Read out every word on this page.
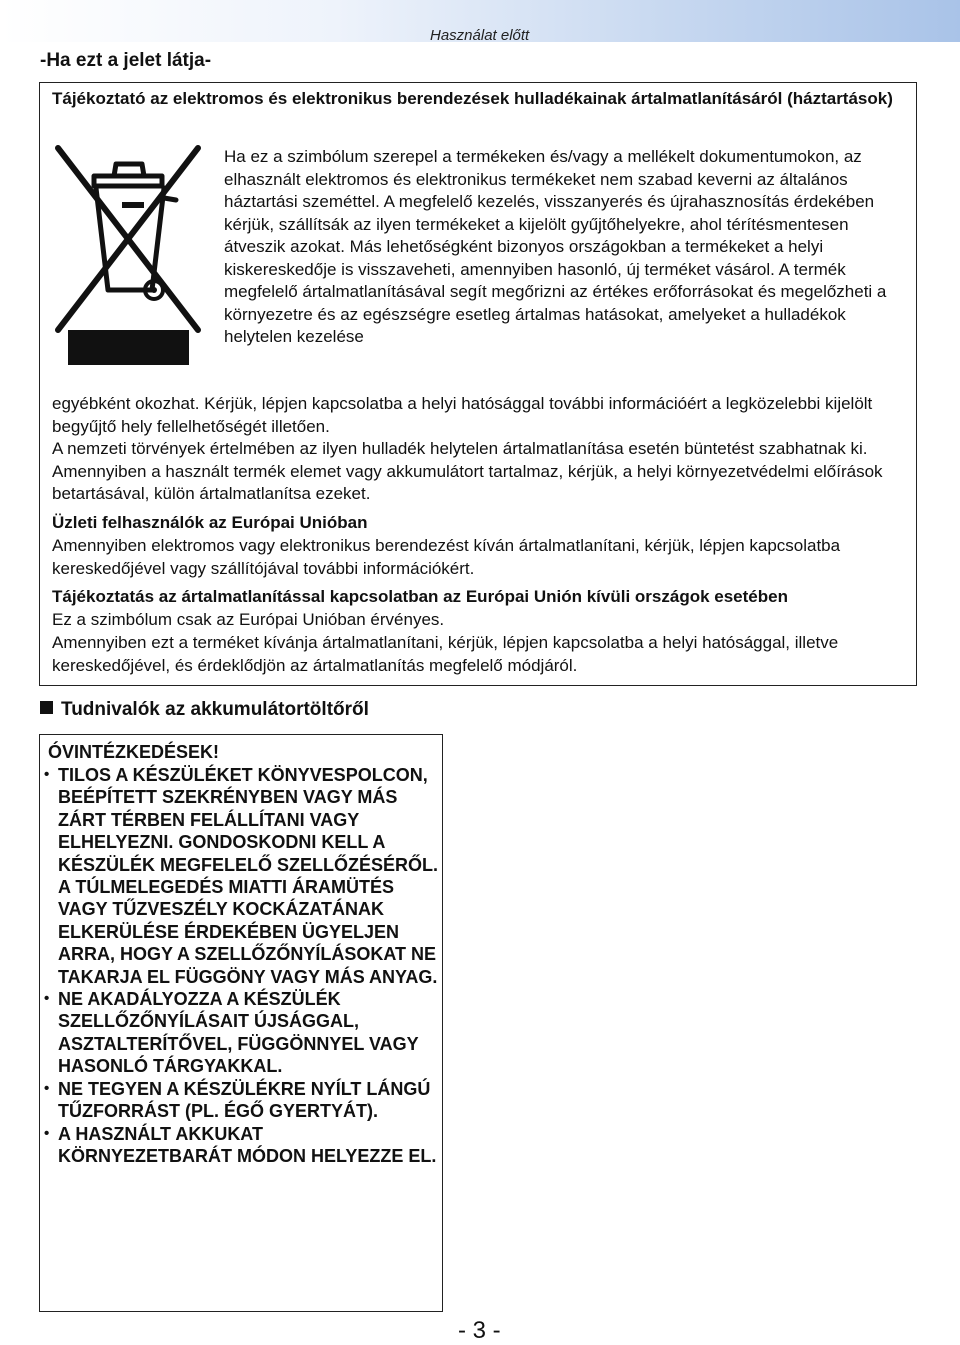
Használat előtt
-Ha ezt a jelet látja-
Tájékoztató az elektromos és elektronikus berendezések hulladékainak ártalmatlanításáról (háztartások)
Ha ez a szimbólum szerepel a termékeken és/vagy a mellékelt dokumentumokon, az elhasznált elektromos és elektronikus termékeket nem szabad keverni az általános háztartási szeméttel. A megfelelő kezelés, visszanyerés és újrahasznosítás érdekében kérjük, szállítsák az ilyen termékeket a kijelölt gyűjtőhelyekre, ahol térítésmentesen átveszik azokat. Más lehetőségként bizonyos országokban a termékeket a helyi kiskereskedője is visszaveheti, amennyiben hasonló, új terméket vásárol. A termék megfelelő ártalmatlanításával segít megőrizni az értékes erőforrásokat és megelőzheti a környezetre és az egészségre esetleg ártalmas hatásokat, amelyeket a hulladékok helytelen kezelése
egyébként okozhat. Kérjük, lépjen kapcsolatba a helyi hatósággal további információért a legközelebbi kijelölt begyűjtő hely fellelhetőségét illetően.
A nemzeti törvények értelmében az ilyen hulladék helytelen ártalmatlanítása esetén büntetést szabhatnak ki. Amennyiben a használt termék elemet vagy akkumulátort tartalmaz, kérjük, a helyi környezetvédelmi előírások betartásával, külön ártalmatlanítsa ezeket.
Üzleti felhasználók az Európai Unióban
Amennyiben elektromos vagy elektronikus berendezést kíván ártalmatlanítani, kérjük, lépjen kapcsolatba kereskedőjével vagy szállítójával további információkért.
Tájékoztatás az ártalmatlanítással kapcsolatban az Európai Unión kívüli országok esetében
Ez a szimbólum csak az Európai Unióban érvényes.
Amennyiben ezt a terméket kívánja ártalmatlanítani, kérjük, lépjen kapcsolatba a helyi hatósággal, illetve kereskedőjével, és érdeklődjön az ártalmatlanítás megfelelő módjáról.
Tudnivalók az akkumulátortöltőről
ÓVINTÉZKEDÉSEK!
• TILOS A KÉSZÜLÉKET KÖNYVESPOLCON, BEÉPÍTETT SZEKRÉNYBEN VAGY MÁS ZÁRT TÉRBEN FELÁLLÍTANI VAGY ELHELYEZNI. GONDOSKODNI KELL A KÉSZÜLÉK MEGFELELŐ SZELLŐZÉSÉRŐL. A TÚLMELEGEDÉS MIATTI ÁRAMÜTÉS VAGY TŰZVESZÉLY KOCKÁZATÁNAK ELKERÜLÉSE ÉRDEKÉBEN ÜGYELJEN ARRA, HOGY A SZELLŐZŐNYÍLÁSOKAT NE TAKARJA EL FÜGGÖNY VAGY MÁS ANYAG.
• NE AKADÁLYOZZA A KÉSZÜLÉK SZELLŐZŐNYÍLÁSAIT ÚJSÁGGAL, ASZTALTERÍTŐVEL, FÜGGÖNNYEL VAGY HASONLÓ TÁRGYAKKAL.
• NE TEGYEN A KÉSZÜLÉKRE NYÍLT LÁNGÚ TŰZFORRÁST (PL. ÉGŐ GYERTYÁT).
• A HASZNÁLT AKKUKAT KÖRNYEZETBARÁT MÓDON HELYEZZE EL.
- 3 -
